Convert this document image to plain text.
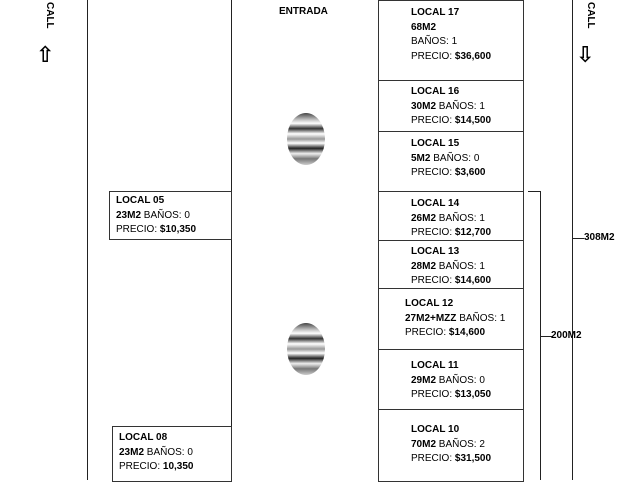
CALL
⇧
CALL
⇩
ENTRADA
LOCAL 05
23M2 BAÑOS: 0
PRECIO: $10,350
LOCAL 08
23M2 BAÑOS: 0
PRECIO: 10,350
LOCAL 17
68M2
BAÑOS: 1
PRECIO: $36,600
LOCAL 16
30M2 BAÑOS: 1
PRECIO: $14,500
LOCAL 15
5M2 BAÑOS: 0
PRECIO: $3,600
LOCAL 14
26M2 BAÑOS: 1
PRECIO: $12,700
LOCAL 13
28M2 BAÑOS: 1
PRECIO: $14,600
LOCAL 12
27M2+MZZ BAÑOS: 1
PRECIO: $14,600
LOCAL 11
29M2 BAÑOS: 0
PRECIO: $13,050
LOCAL 10
70M2 BAÑOS: 2
PRECIO: $31,500
200M2
308M2
